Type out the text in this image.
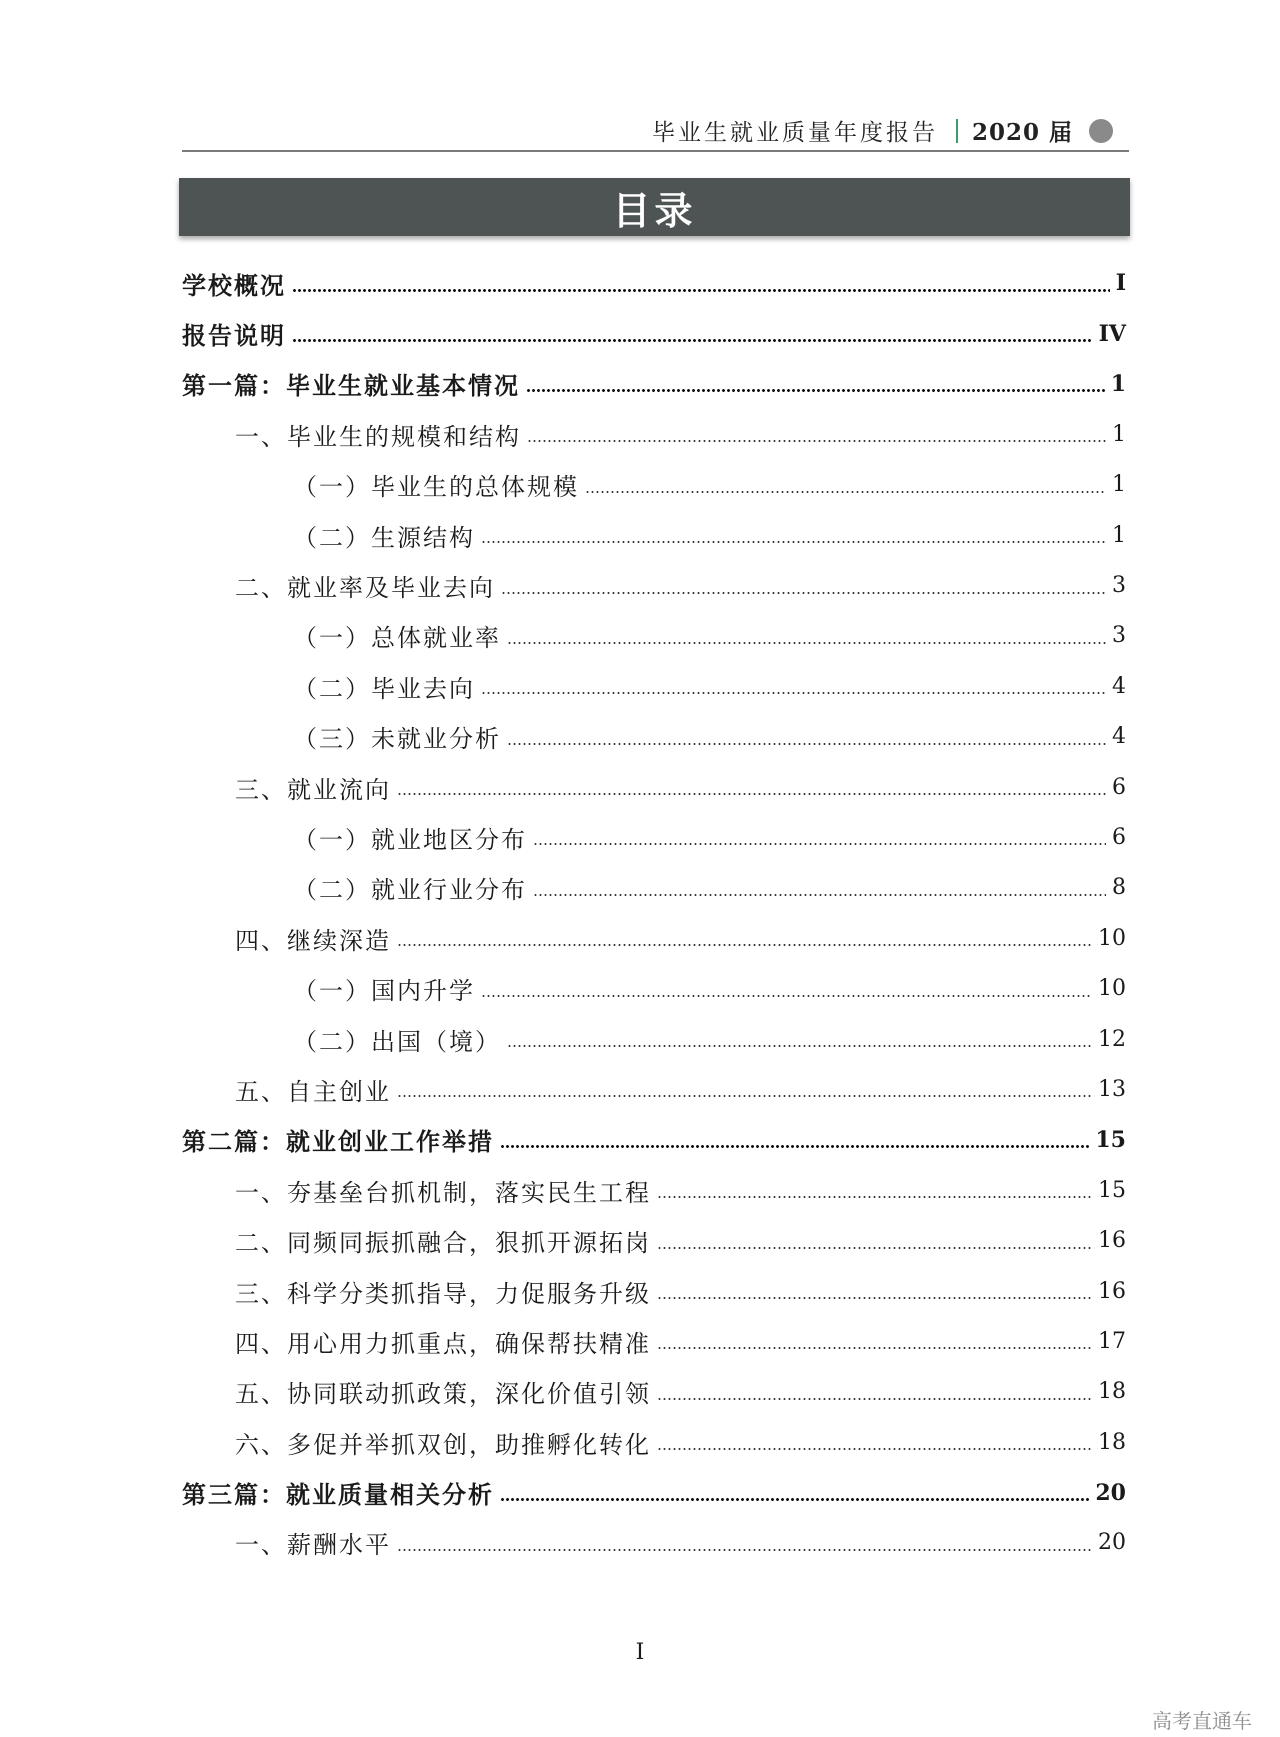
毕业生就业质量年度报告 2020 届
目录
学校概况	I
报告说明	IV
第一篇：毕业生就业基本情况	1
一、毕业生的规模和结构	1
（一）毕业生的总体规模	1
（二）生源结构	1
二、就业率及毕业去向	3
（一）总体就业率	3
（二）毕业去向	4
（三）未就业分析	4
三、就业流向	6
（一）就业地区分布	6
（二）就业行业分布	8
四、继续深造	10
（一）国内升学	10
（二）出国（境）	12
五、自主创业	13
第二篇：就业创业工作举措	15
一、夯基垒台抓机制，落实民生工程	15
二、同频同振抓融合，狠抓开源拓岗	16
三、科学分类抓指导，力促服务升级	16
四、用心用力抓重点，确保帮扶精准	17
五、协同联动抓政策，深化价值引领	18
六、多促并举抓双创，助推孵化转化	18
第三篇：就业质量相关分析	20
一、薪酬水平	20
I
高考直通车
